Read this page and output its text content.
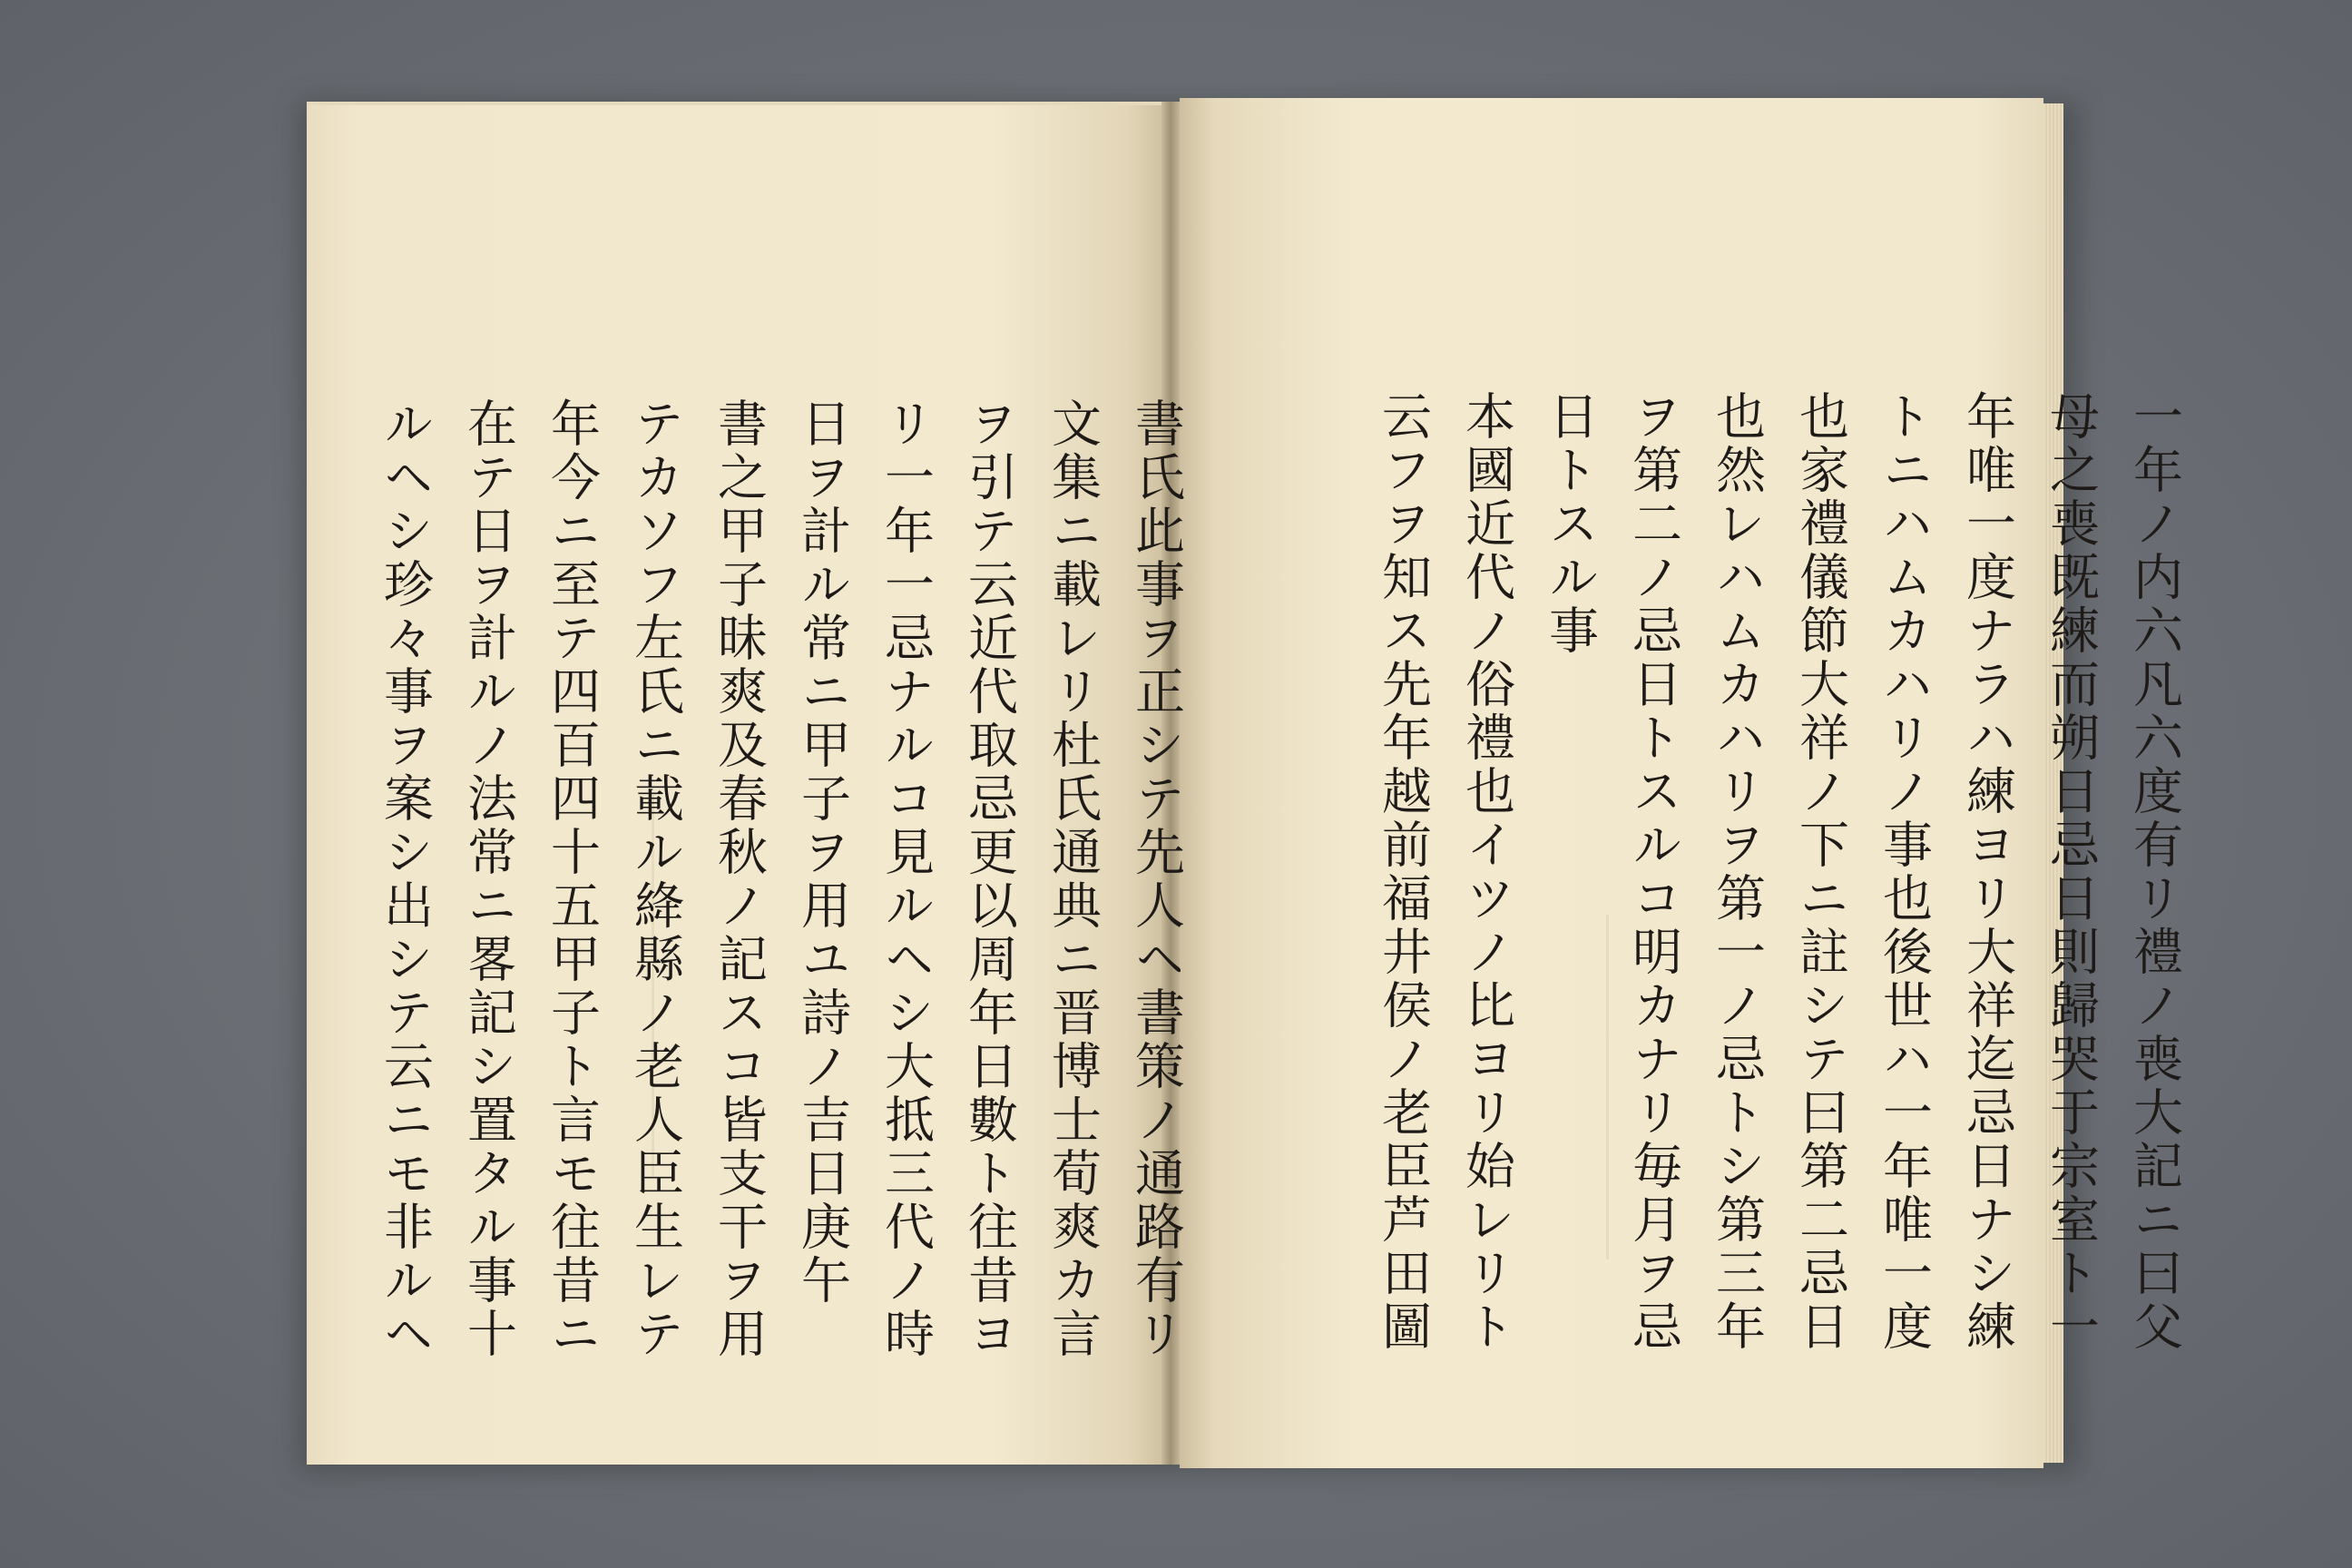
一年ノ内六凡六度有リ禮ノ喪大記ニ曰父
母之喪既練而朔日忌日則歸哭于宗室ト一
年唯一度ナラハ練ヨリ大祥迄忌日ナシ練
トニハムカハリノ事也後世ハ一年唯一度
也家禮儀節大祥ノ下ニ註シテ曰第二忌日
也然レハムカハリヲ第一ノ忌トシ第三年
ヲ第二ノ忌日トスルコ明カナリ毎月ヲ忌
日トスル事
本國近代ノ俗禮也イツノ比ヨリ始レリト
云フヲ知ス先年越前福井侯ノ老臣芦田圖
書氏此事ヲ正シテ先人ヘ書策ノ通路有リ
文集ニ載レリ杜氏通典ニ晋博士荀爽カ言
ヲ引テ云近代取忌更以周年日數ト往昔ヨ
リ一年一忌ナルコ見ルヘシ大抵三代ノ時
日ヲ計ル常ニ甲子ヲ用ユ詩ノ吉日庚午
書之甲子昧爽及春秋ノ記スコ皆支干ヲ用
テカソフ左氏ニ載ル絳縣ノ老人臣生レテ
年今ニ至テ四百四十五甲子ト言モ往昔ニ
在テ日ヲ計ルノ法常ニ畧記シ置タル事十
ルヘシ珍々事ヲ案シ出シテ云ニモ非ルヘ
